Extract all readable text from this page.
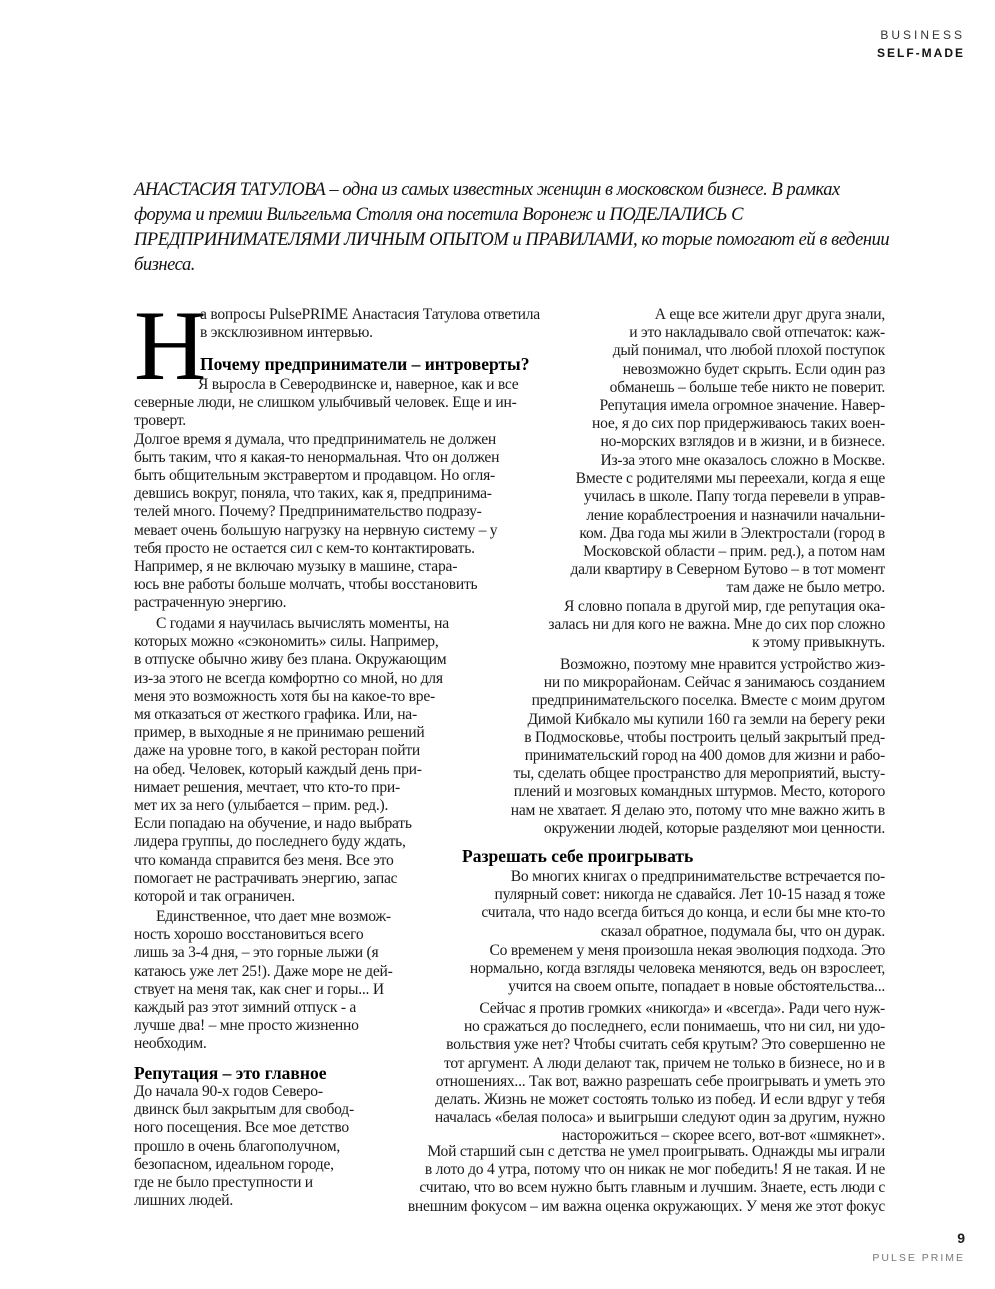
BUSINESS
SELF-MADE
АНАСТАСИЯ ТАТУЛОВА – одна из самых известных женщин в московском бизнесе. В рамках форума и премии Вильгельма Столля она посетила Воронеж и ПОДЕЛАЛИСЬ С ПРЕДПРИНИМАТЕЛЯМИ ЛИЧНЫМ ОПЫТОМ и ПРАВИЛАМИ, ко торые помогают ей в ведении бизнеса.
Н

а вопросы PulsePRIME Анастасия Татулова ответила

в эксклюзивном интервью.

Почему предприниматели – интроверты?

Я выросла в Северодвинске и, наверное, как и все

северные люди, не слишком улыбчивый человек. Еще и ин-

троверт.

Долгое время я думала, что предприниматель не должен

быть таким, что я какая-то ненормальная. Что он должен

быть общительным экстравертом и продавцом. Но огля-

девшись вокруг, поняла, что таких, как я, предпринима-

телей много. Почему? Предпринимательство подразу-

мевает очень большую нагрузку на нервную систему – у

тебя просто не остается сил с кем-то контактировать.

Например, я не включаю музыку в машине, стара-

юсь вне работы больше молчать, чтобы восстановить

растраченную энергию.

С годами я научилась вычислять моменты, на

которых можно «сэкономить» силы. Например,

в отпуске обычно живу без плана. Окружающим

из-за этого не всегда комфортно со мной, но для

меня это возможность хотя бы на какое-то вре-

мя отказаться от жесткого графика. Или, на-

пример, в выходные я не принимаю решений

даже на уровне того, в какой ресторан пойти

на обед. Человек, который каждый день при-

нимает решения, мечтает, что кто-то при-

мет их за него (улыбается – прим. ред.).

Если попадаю на обучение, и надо выбрать

лидера группы, до последнего буду ждать,

что команда справится без меня. Все это

помогает не растрачивать энергию, запас

которой и так ограничен.

Единственное, что дает мне возмож-

ность хорошо восстановиться всего

лишь за 3-4 дня, – это горные лыжи (я

катаюсь уже лет 25!). Даже море не дей-

ствует на меня так, как снег и горы... И

каждый раз этот зимний отпуск - а

лучше два! – мне просто жизненно

необходим.

Репутация – это главное

До начала 90-х годов Северо-

двинск был закрытым для свобод-

ного посещения. Все мое детство

прошло в очень благополучном,

безопасном, идеальном городе,

где не было преступности и

лишних людей.

А еще все жители друг друга знали,

и это накладывало свой отпечаток: каж-

дый понимал, что любой плохой поступок

невозможно будет скрыть. Если один раз

обманешь – больше тебе никто не поверит.

Репутация имела огромное значение. Навер-

ное, я до сих пор придерживаюсь таких воен-

но-морских взглядов и в жизни, и в бизнесе.

Из-за этого мне оказалось сложно в Москве.

Вместе с родителями мы переехали, когда я еще

училась в школе. Папу тогда перевели в управ-

ление кораблестроения и назначили начальни-

ком. Два года мы жили в Электростали (город в

Московской области – прим. ред.), а потом нам

дали квартиру в Северном Бутово – в тот момент

там даже не было метро.

Я словно попала в другой мир, где репутация ока-

залась ни для кого не важна. Мне до сих пор сложно

к этому привыкнуть.

Возможно, поэтому мне нравится устройство жиз-

ни по микрорайонам. Сейчас я занимаюсь созданием

предпринимательского поселка. Вместе с моим другом

Димой Кибкало мы купили 160 га земли на берегу реки

в Подмосковье, чтобы построить целый закрытый пред-

принимательский город на 400 домов для жизни и рабо-

ты, сделать общее пространство для мероприятий, высту-

плений и мозговых командных штурмов. Место, которого

нам не хватает. Я делаю это, потому что мне важно жить в

окружении людей, которые разделяют мои ценности.

Разрешать себе проигрывать

Во многих книгах о предпринимательстве встречается по-

пулярный совет: никогда не сдавайся. Лет 10-15 назад я тоже

считала, что надо всегда биться до конца, и если бы мне кто-то

сказал обратное, подумала бы, что он дурак.

Со временем у меня произошла некая эволюция подхода. Это

нормально, когда взгляды человека меняются, ведь он взрослеет,

учится на своем опыте, попадает в новые обстоятельства...

Сейчас я против громких «никогда» и «всегда». Ради чего нуж-

но сражаться до последнего, если понимаешь, что ни сил, ни удо-

вольствия уже нет? Чтобы считать себя крутым? Это совершенно не

тот аргумент. А люди делают так, причем не только в бизнесе, но и в

отношениях... Так вот, важно разрешать себе проигрывать и уметь это

делать. Жизнь не может состоять только из побед. И если вдруг у тебя

началась «белая полоса» и выигрыши следуют один за другим, нужно

насторожиться – скорее всего, вот-вот «шмякнет».

Мой старший сын с детства не умел проигрывать. Однажды мы играли

в лото до 4 утра, потому что он никак не мог победить! Я не такая. И не

считаю, что во всем нужно быть главным и лучшим. Знаете, есть люди с

внешним фокусом – им важна оценка окружающих. У меня же этот фокус

9
PULSE PRIME
